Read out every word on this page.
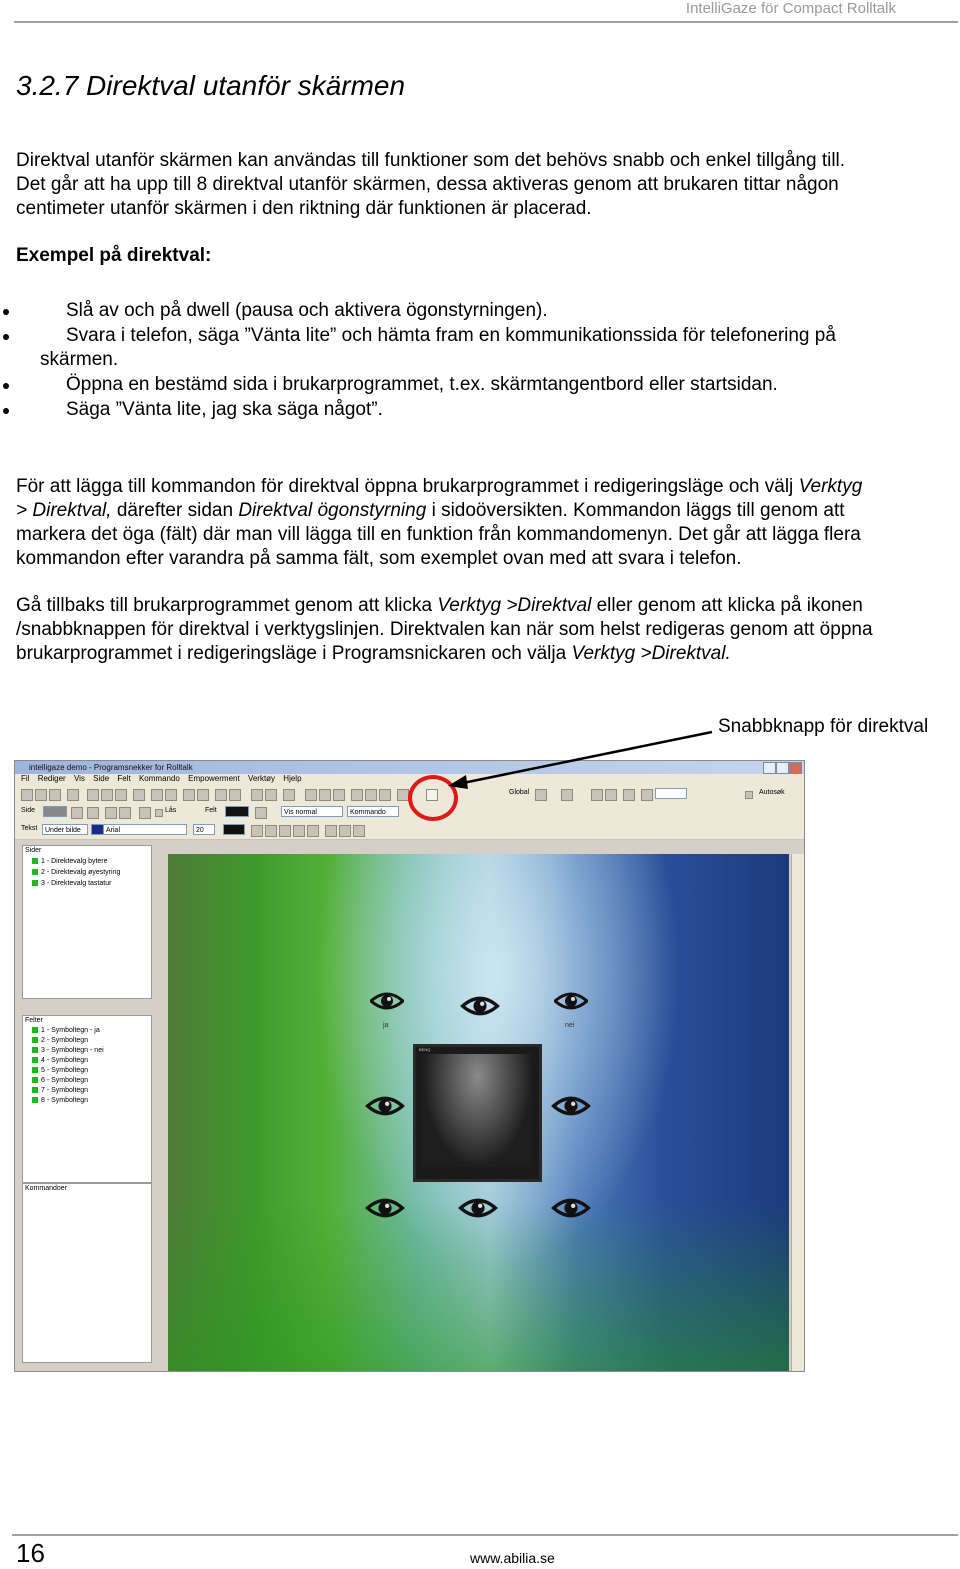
IntelliGaze för Compact Rolltalk
3.2.7 Direktval utanför skärmen
Direktval utanför skärmen kan användas till funktioner som det behövs snabb och enkel tillgång till.
Det går att ha upp till 8 direktval utanför skärmen, dessa aktiveras genom att brukaren tittar någon
centimeter utanför skärmen i den riktning där funktionen är placerad.
Exempel på direktval:
Slå av och på dwell (pausa och aktivera ögonstyrningen).
Svara i telefon, säga ”Vänta lite” och hämta fram en kommunikationssida för telefonering på
skärmen.
Öppna en bestämd sida i brukarprogrammet, t.ex. skärmtangentbord eller startsidan.
Säga ”Vänta lite, jag ska säga något”.
För att lägga till kommandon för direktval öppna brukarprogrammet i redigeringsläge och välj Verktyg
> Direktval, därefter sidan Direktval ögonstyrning i sidoöversikten. Kommandon läggs till genom att
markera det öga (fält) där man vill lägga till en funktion från kommandomenyn. Det går att lägga flera
kommandon efter varandra på samma fält, som exemplet ovan med att svara i telefon.
Gå tillbaks till brukarprogrammet genom att klicka Verktyg >Direktval eller genom att klicka på ikonen
/snabbknappen för direktval i verktygslinjen. Direktvalen kan när som helst redigeras genom att öppna
brukarprogrammet i redigeringsläge i Programsnickaren och välja Verktyg >Direktval.
Snabbknapp för direktval
intelligaze demo - Programsnekker for Rolltalk
Fil Rediger Vis Side Felt Kommando Empowerment Verktøy Hjelp
Global	Autosøk
Side	Lås	Felt	Vis normal	Kommando
Tekst	Under bilde	Arial	20
Sider
1 - Direktevalg bytere
2 - Direktevalg øyestyring
3 - Direktevalg tastatur
Felter
1 - Symboltegn - ja
2 - Symboltegn
3 - Symboltegn - nei
4 - Symboltegn
5 - Symboltegn
6 - Symboltegn
7 - Symboltegn
8 - Symboltegn
Kommandoer
ja	nei
BENQ
16	www.abilia.se
